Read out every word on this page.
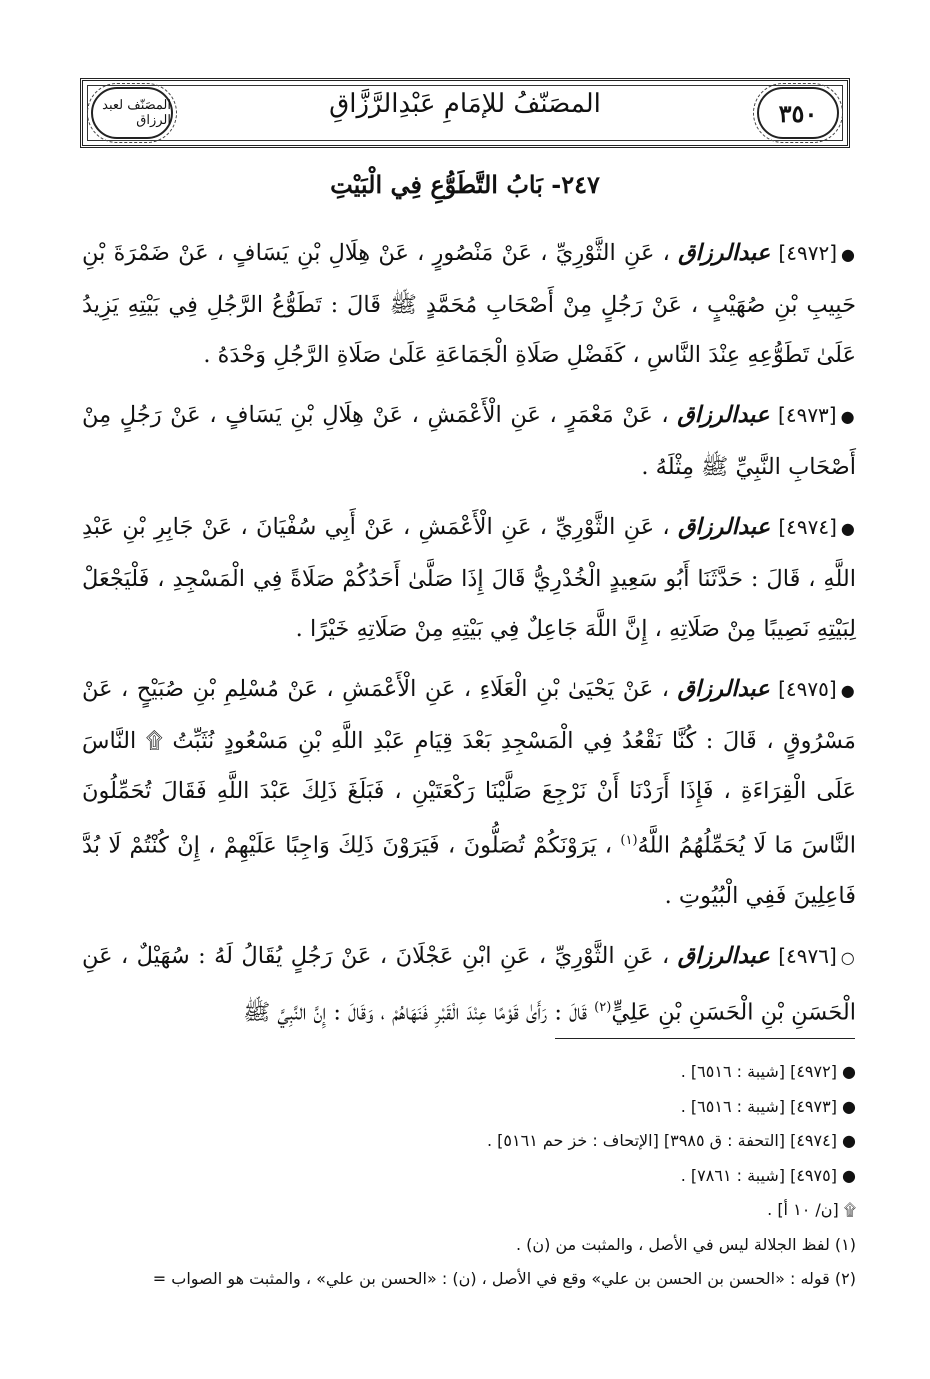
٣٥٠
المصَنّفُ للإمَامِ عَبْدِالرَّزَّاقِ
المصَنّف لعبد الرزاق
٢٤٧- بَابُ التَّطَوُّعِ فِي الْبَيْتِ

●[٤٩٧٢] عبدالرزاق ، عَنِ الثَّوْرِيِّ ، عَنْ مَنْصُورٍ ، عَنْ هِلَالِ بْنِ يَسَافٍ ، عَنْ ضَمْرَةَ بْنِ حَبِيبِ بْنِ صُهَيْبٍ ، عَنْ رَجُلٍ مِنْ أَصْحَابِ مُحَمَّدٍ ﷺ قَالَ : تَطَوُّعُ الرَّجُلِ فِي بَيْتِهِ يَزِيدُ عَلَىٰ تَطَوُّعِهِ عِنْدَ النَّاسِ ، كَفَضْلِ صَلَاةِ الْجَمَاعَةِ عَلَىٰ صَلَاةِ الرَّجُلِ وَحْدَهُ .

●[٤٩٧٣] عبدالرزاق ، عَنْ مَعْمَرٍ ، عَنِ الْأَعْمَشِ ، عَنْ هِلَالِ بْنِ يَسَافٍ ، عَنْ رَجُلٍ مِنْ أَصْحَابِ النَّبِيِّ ﷺ مِثْلَهُ .

●[٤٩٧٤] عبدالرزاق ، عَنِ الثَّوْرِيِّ ، عَنِ الْأَعْمَشِ ، عَنْ أَبِي سُفْيَانَ ، عَنْ جَابِرِ بْنِ عَبْدِ اللَّهِ ، قَالَ : حَدَّثَنَا أَبُو سَعِيدٍ الْخُدْرِيُّ قَالَ إِذَا صَلَّىٰ أَحَدُكُمْ صَلَاةً فِي الْمَسْجِدِ ، فَلْيَجْعَلْ لِبَيْتِهِ نَصِيبًا مِنْ صَلَاتِهِ ، إِنَّ اللَّهَ جَاعِلٌ فِي بَيْتِهِ مِنْ صَلَاتِهِ خَيْرًا .

●[٤٩٧٥] عبدالرزاق ، عَنْ يَحْيَىٰ بْنِ الْعَلَاءِ ، عَنِ الْأَعْمَشِ ، عَنْ مُسْلِمِ بْنِ صُبَيْحٍ ، عَنْ مَسْرُوقٍ ، قَالَ : كُنَّا نَقْعُدُ فِي الْمَسْجِدِ بَعْدَ قِيَامِ عَبْدِ اللَّهِ بْنِ مَسْعُودٍ نُثَبِّتُ ۩ النَّاسَ عَلَى الْقِرَاءَةِ ، فَإِذَا أَرَدْنَا أَنْ نَرْجِعَ صَلَّيْنَا رَكْعَتَيْنِ ، فَبَلَغَ ذَلِكَ عَبْدَ اللَّهِ فَقَالَ تُحَمِّلُونَ النَّاسَ مَا لَا يُحَمِّلُهُمُ اللَّهُ$^{(١)}$ ، يَرَوْنَكُمْ تُصَلُّونَ ، فَيَرَوْنَ ذَلِكَ وَاجِبًا عَلَيْهِمْ ، إِنْ كُنْتُمْ لَا بُدَّ فَاعِلِينَ فَفِي الْبُيُوتِ .

○[٤٩٧٦] عبدالرزاق ، عَنِ الثَّوْرِيِّ ، عَنِ ابْنِ عَجْلَانَ ، عَنْ رَجُلٍ يُقَالُ لَهُ : سُهَيْلٌ ، عَنِ الْحَسَنِ بْنِ الْحَسَنِ بْنِ عَلِيٍّ$^{(٢)}$ قَالَ : رَأَىٰ قَوْمًا عِنْدَ الْقَبْرِ فَنَهَاهُمْ ، وَقَالَ : إِنَّ النَّبِيَّ ﷺ

● [٤٩٧٢] [شيبة : ٦٥١٦] .

● [٤٩٧٣] [شيبة : ٦٥١٦] .

● [٤٩٧٤] [التحفة : ق ٣٩٨٥] [الإتحاف : خز حم ٥١٦١] .

● [٤٩٧٥] [شيبة : ٧٨٦١] .

۩ [ن/ ١٠ أ] .

(١) لفظ الجلالة ليس في الأصل ، والمثبت من (ن) .

(٢) قوله : «الحسن بن الحسن بن علي» وقع في الأصل ، (ن) : «الحسن بن علي» ، والمثبت هو الصواب =
